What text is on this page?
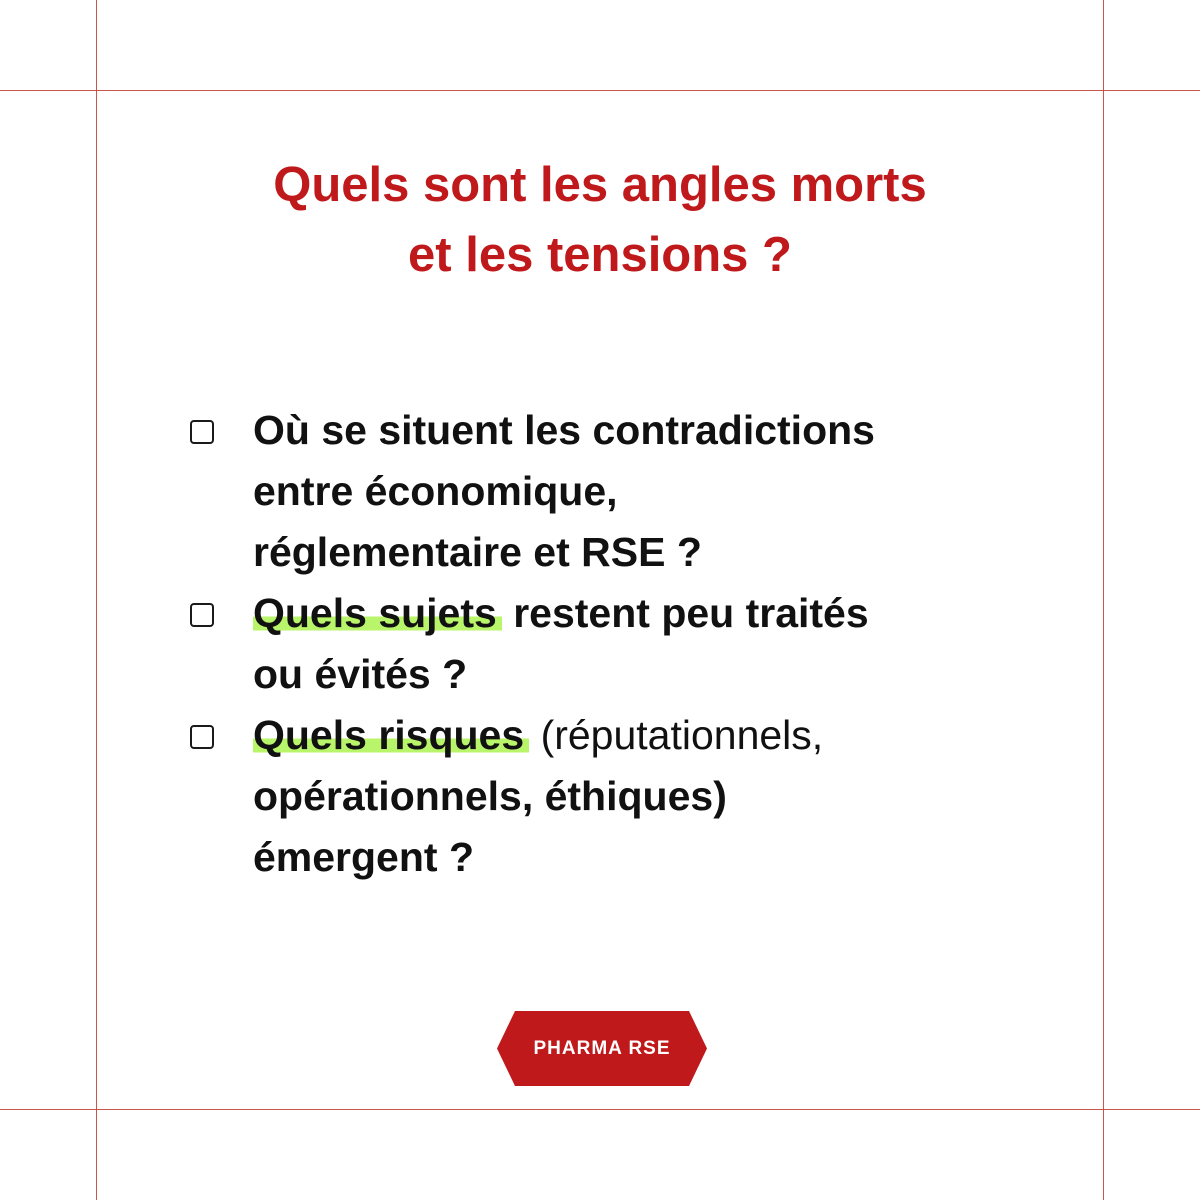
Quels sont les angles morts
et les tensions ?
Où se situent les contradictions
entre économique,
réglementaire et RSE ?
Quels sujets restent peu traités
ou évités ?
Quels risques (réputationnels,
opérationnels, éthiques)
émergent ?
PHARMA RSE
